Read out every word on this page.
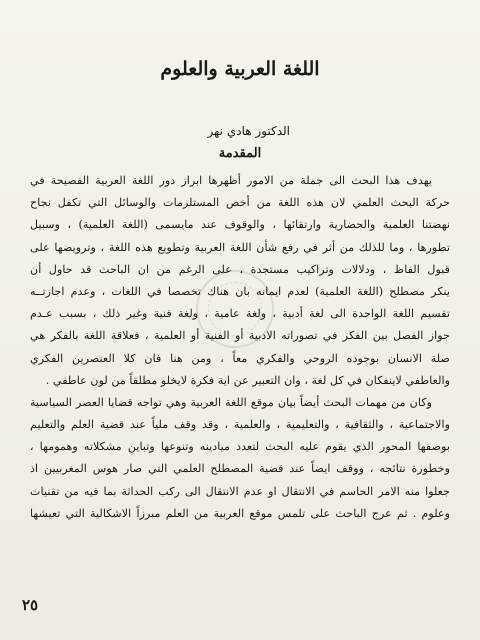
اللغة العربية والعلوم
الدكتور هادي نهر
المقدمة
يهدف هذا البحث الى جملة من الامور أظهرها ابراز دور اللغة العربية الفصيحة في
حركة البحث العلمي لان هذه اللغة من أخص المستلزمات والوسائل التي تكفل نجاح
نهضتنا العلمية والحضارية وارتقائها ، والوقوف عند مايسمى (اللغة العلمية) ، وسبيل
تطورها ، وما للذلك من أثر في رفع شأن اللغة العربية وتطويع هذه اللغة ، وترويضها على
قبول الفاظ ، ودلالات وتراكيب مستجدة ، على الرغم من ان الباحث قد حاول أن
ينكر مصطلح (اللغة العلمية) لعدم ايمانه بان هناك تخصصا في اللغات ، وعدم اجازتــه
تقسيم اللغة الواحدة الى لغة أدبية ، ولغة عامية ، ولغة فنية وغير ذلك ، بسبب عـدم
جواز الفصل بين الفكر في تصوراته الادبية أو الفنية أو العلمية ، فعلاقة اللغة بالفكر هي
صلة الانسان بوجوده الروحي والفكري معاً ، ومن هنا فان كلا العنصرين الفكري
والعاطفي لاينفكان في كل لغة ، وان التعبير عن اية فكرة لايخلو مطلقاً من لون عاطفي .
وكان من مهمات البحث أيضاً بيان موقع اللغة العربية وهي تواجه قضايا العصر السياسية
والاجتماعية ، والثقافية ، والتعليمية ، والعلمية ، وقد وقف ملياً عند قضية العلم والتعليم
بوصفها المحور الذي يقوم عليه البحث لتعدد ميادينه وتنوعها وتباين مشكلاته وهمومها ،
وخطورة نتائجه ، ووقف ايضاً عند قضية المصطلح العلمي التي صار هوس المغربيين اذ
جعلوا منه الامر الحاسم في الانتقال او عدم الانتقال الى ركب الحداثة بما فيه من تقنيات
وعلوم . ثم عرج الباحث على تلمس موقع العربية من العلم مبرزاً الاشكالية التي تعيشها
٢٥
